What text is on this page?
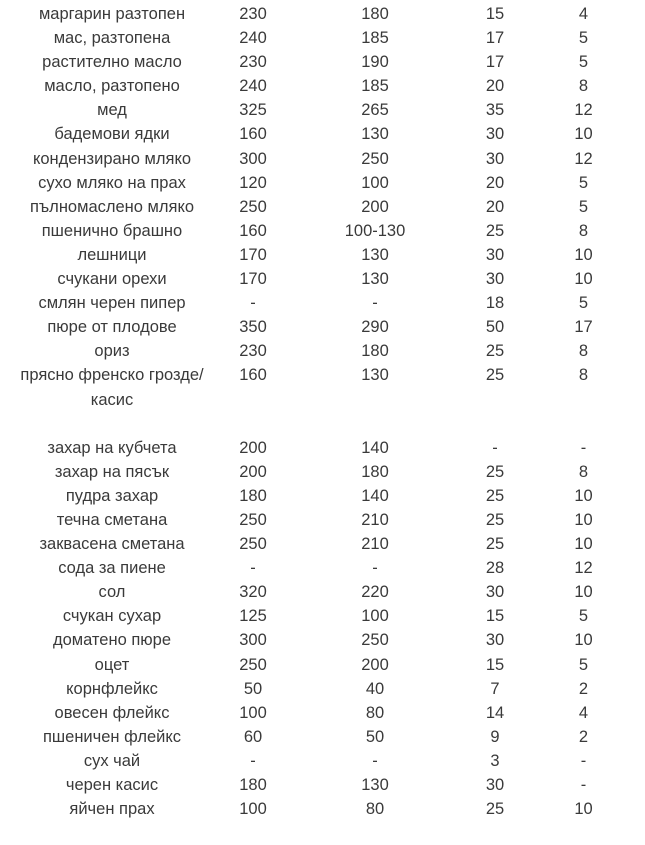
маргарин разтопен	230	180	15	4
мас, разтопена	240	185	17	5
растително масло	230	190	17	5
масло, разтопено	240	185	20	8
мед	325	265	35	12
бадемови ядки	160	130	30	10
кондензирано мляко	300	250	30	12
сухо мляко на прах	120	100	20	5
пълномаслено мляко	250	200	20	5
пшенично брашно	160	100-130	25	8
лешници	170	130	30	10
счукани орехи	170	130	30	10
смлян черен пипер	-	-	18	5
пюре от плодове	350	290	50	17
ориз	230	180	25	8
прясно френско грозде/ касис	160	130	25	8

захар на кубчета	200	140	-	-
захар на пясък	200	180	25	8
пудра захар	180	140	25	10
течна сметана	250	210	25	10
заквасена сметана	250	210	25	10
сода за пиене	-	-	28	12
сол	320	220	30	10
счукан сухар	125	100	15	5
доматено пюре	300	250	30	10
оцет	250	200	15	5
корнфлейкс	50	40	7	2
овесен флейкс	100	80	14	4
пшеничен флейкс	60	50	9	2
сух чай	-	-	3	-
черен касис	180	130	30	-
яйчен прах	100	80	25	10
